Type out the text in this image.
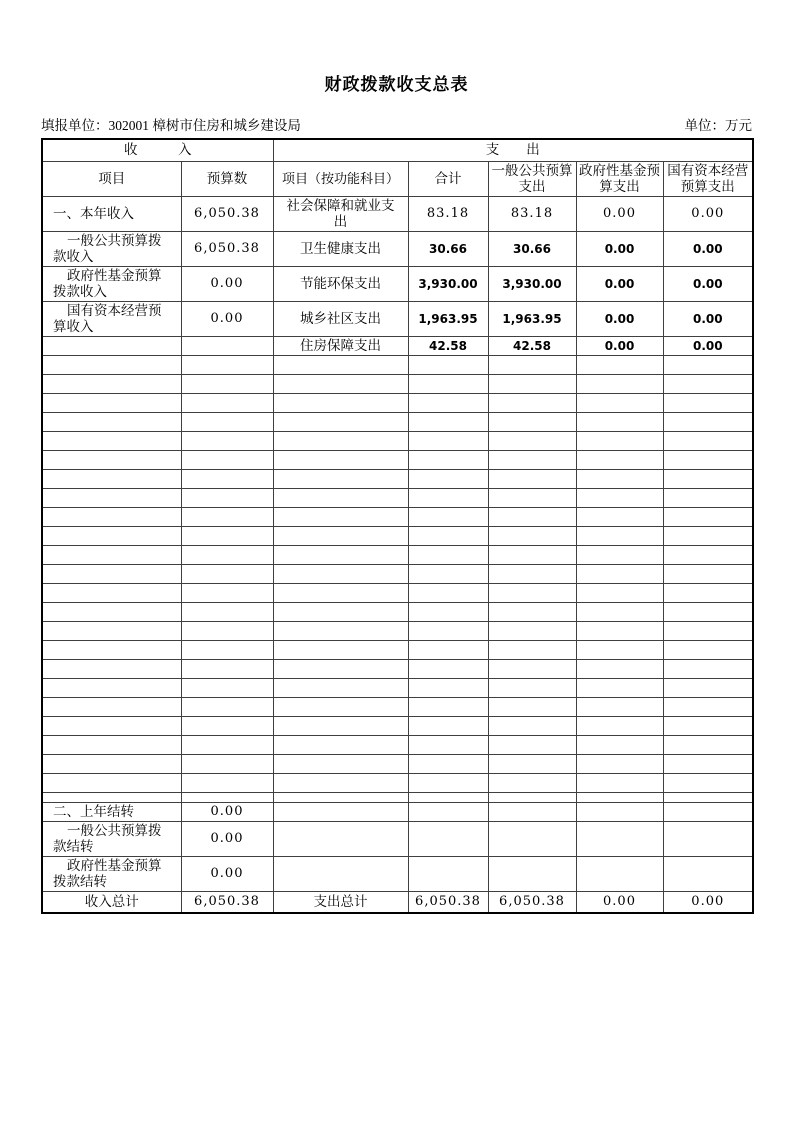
财政拨款收支总表
填报单位：302001 樟树市住房和城乡建设局	单位：万元
收　　　入		支　　出				
项目	预算数	项目（按功能科目）	合计	一般公共预算支出	政府性基金预算支出	国有资本经营预算支出
一、本年收入	6,050.38	社会保障和就业支出	83.18	83.18	0.00	0.00
一般公共预算拨款收入	6,050.38	卫生健康支出	30.66	30.66	0.00	0.00
政府性基金预算拨款收入	0.00	节能环保支出	3,930.00	3,930.00	0.00	0.00
国有资本经营预算收入	0.00	城乡社区支出	1,963.95	1,963.95	0.00	0.00
		住房保障支出	42.58	42.58	0.00	0.00

二、上年结转	0.00					
一般公共预算拨款结转	0.00					
政府性基金预算拨款结转	0.00					
收入总计	6,050.38	支出总计	6,050.38	6,050.38	0.00	0.00
